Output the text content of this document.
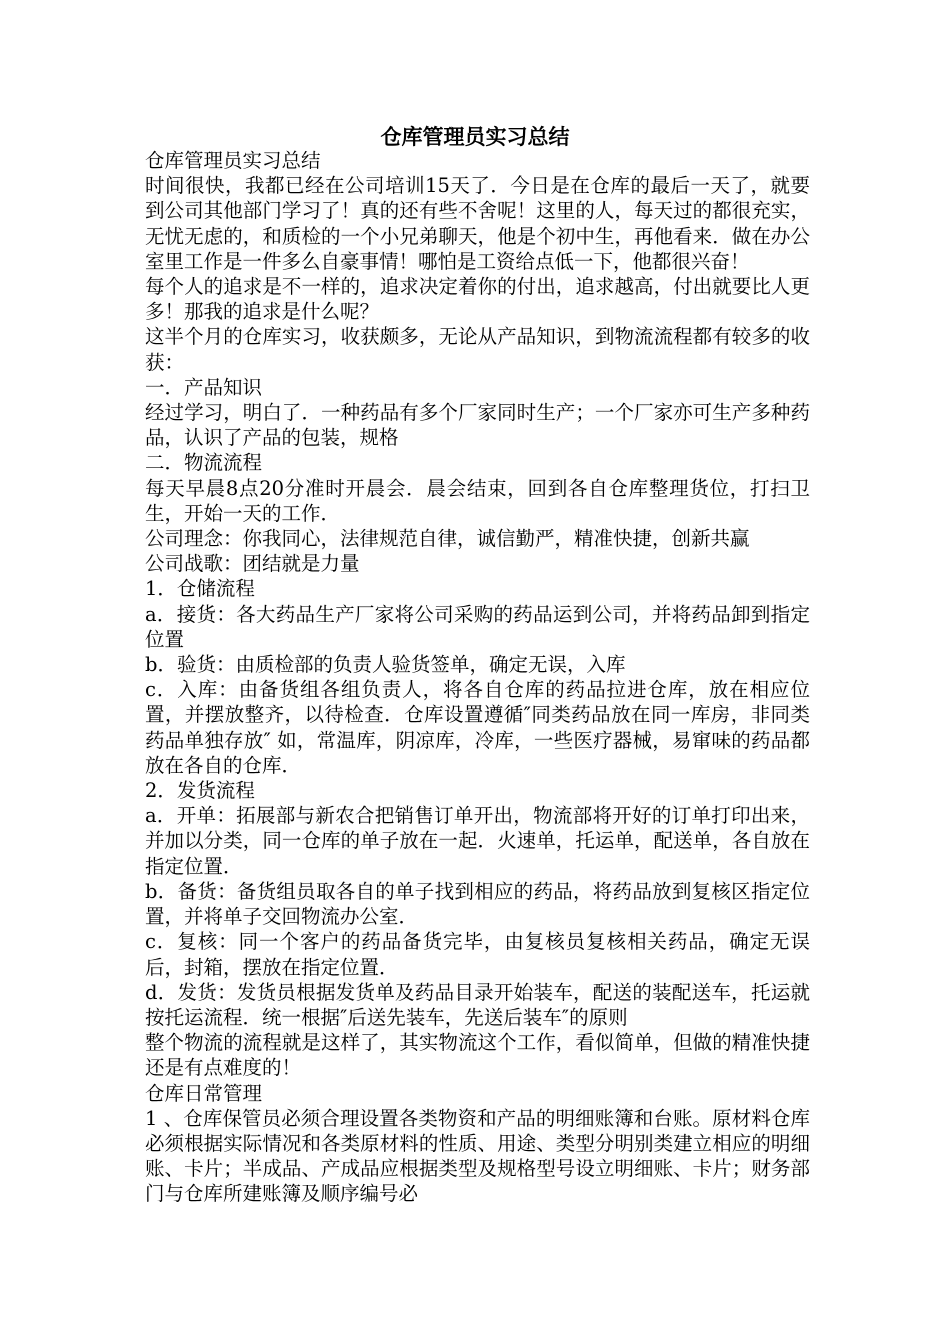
仓库管理员实习总结

仓库管理员实习总结

时间很快，我都已经在公司培训15天了．今日是在仓库的最后一天了，就要到公司其他部门学习了！真的还有些不舍呢！这里的人，每天过的都很充实，无忧无虑的，和质检的一个小兄弟聊天，他是个初中生，再他看来．做在办公室里工作是一件多么自豪事情！哪怕是工资给点低一下，他都很兴奋！

每个人的追求是不一样的，追求决定着你的付出，追求越高，付出就要比人更多！那我的追求是什么呢？

这半个月的仓库实习，收获颇多，无论从产品知识，到物流流程都有较多的收获：

一．产品知识

经过学习，明白了．一种药品有多个厂家同时生产；一个厂家亦可生产多种药品，认识了产品的包装，规格

二．物流流程

每天早晨8点20分准时开晨会．晨会结束，回到各自仓库整理货位，打扫卫生，开始一天的工作．

公司理念：你我同心，法律规范自律，诚信勤严，精准快捷，创新共赢

公司战歌：团结就是力量

1．仓储流程

a．接货：各大药品生产厂家将公司采购的药品运到公司，并将药品卸到指定位置

b．验货：由质检部的负责人验货签单，确定无误，入库

c．入库：由备货组各组负责人，将各自仓库的药品拉进仓库，放在相应位置，并摆放整齐，以待检查．仓库设置遵循″同类药品放在同一库房，非同类药品单独存放″ 如，常温库，阴凉库，冷库，一些医疗器械，易窜味的药品都放在各自的仓库．

2．发货流程

a．开单：拓展部与新农合把销售订单开出，物流部将开好的订单打印出来，并加以分类，同一仓库的单子放在一起．火速单，托运单，配送单，各自放在指定位置．

b．备货：备货组员取各自的单子找到相应的药品，将药品放到复核区指定位置，并将单子交回物流办公室．

c．复核：同一个客户的药品备货完毕，由复核员复核相关药品，确定无误后，封箱，摆放在指定位置．

d．发货：发货员根据发货单及药品目录开始装车，配送的装配送车，托运就按托运流程．统一根据″后送先装车，先送后装车″的原则

整个物流的流程就是这样了，其实物流这个工作，看似简单，但做的精准快捷还是有点难度的！

仓库日常管理

1 、仓库保管员必须合理设置各类物资和产品的明细账簿和台账。原材料仓库必须根据实际情况和各类原材料的性质、用途、类型分明别类建立相应的明细账、卡片；半成品、产成品应根据类型及规格型号设立明细账、卡片；财务部门与仓库所建账簿及顺序编号必
